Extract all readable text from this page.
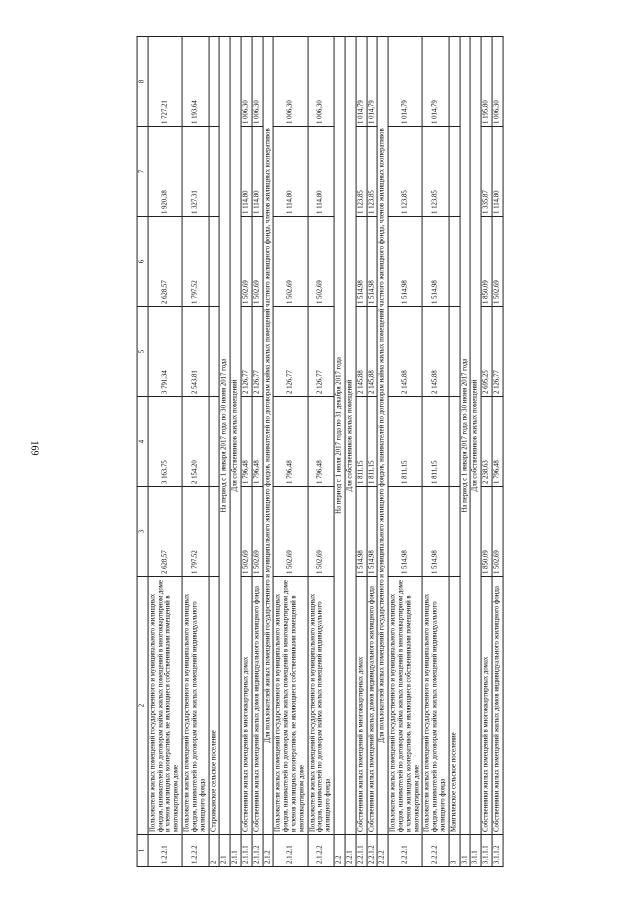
169
1	2	3	4	5	6	7	8
1.2.2.1	Пользователи жилых помещений государственного и муниципального жилищных фондов, нанимателей по договорам найма жилых помещений в многоквартирном доме и членов жилищных кооперативов, не являющиеся собственниками помещений в многоквартирном доме	2 628,57	3 163,75	3 791,34	2 628,57	1 920,38	1 727,21
1.2.2.2	Пользователи жилых помещений государственного и муниципального жилищных фондов, нанимателей по договорам найма жилых помещений индивидуального жилищного фонда	1 797,52	2 154,20	2 543,81	1 797,52	1 327,31	1 193,64
2	Староиканское сельское поселение						
2.1	На период с 1 января 2017 года по 30 июня 2017 года						
2.1.1	Для собственников жилых помещений						
2.1.1.1	Собственники жилых помещений в многоквартирных домах	1 502,69	1 796,48	2 126,77	1 502,69	1 114,80	1 006,30
2.1.1.2	Собственники жилых помещений жилых домов индивидуального жилищного фонда	1 502,69	1 796,48	2 126,77	1 502,69	1 114,80	1 006,30
2.1.2	Для пользователей жилых помещений государственного и муниципального жилищного фондов, нанимателей по договорам найма жилых помещений частного жилищного фонда, членов жилищных кооперативов						
2.1.2.1	Пользователи жилых помещений государственного и муниципального жилищных фондов, нанимателей по договорам найма жилых помещений в многоквартирном доме и членов жилищных кооперативов, не являющиеся собственниками помещений в многоквартирном доме	1 502,69	1 796,48	2 126,77	1 502,69	1 114,80	1 006,30
2.1.2.2	Пользователи жилых помещений государственного и муниципального жилищных фондов, нанимателей по договорам найма жилых помещений индивидуального жилищного фонда	1 502,69	1 796,48	2 126,77	1 502,69	1 114,80	1 006,30
2.2	На период с 1 июля 2017 года по 31 декабря 2017 года						
2.2.1	Для собственников жилых помещений						
2.2.1.1	Собственники жилых помещений в многоквартирных домах	1 514,98	1 811,15	2 145,88	1 514,98	1 123,85	1 014,79
2.2.1.2	Собственники жилых помещений жилых домов индивидуального жилищного фонда	1 514,98	1 811,15	2 145,88	1 514,98	1 123,85	1 014,79
2.2.2	Для пользователей жилых помещений государственного и муниципального жилищного фондов, нанимателей по договорам найма жилых помещений частного жилищного фонда, членов жилищных кооперативов						
2.2.2.1	Пользователи жилых помещений государственного и муниципального жилищных фондов, нанимателей по договорам найма жилых помещений в многоквартирном доме и членов жилищных кооперативов, не являющиеся собственниками помещений в многоквартирном доме	1 514,98	1 811,15	2 145,88	1 514,98	1 123,85	1 014,79
2.2.2.2	Пользователи жилых помещений государственного и муниципального жилищных фондов, нанимателей по договорам найма жилых помещений индивидуального жилищного фонда	1 514,98	1 811,15	2 145,88	1 514,98	1 123,85	1 014,79
3	Мангилевское сельское поселение						
3.1	На период с 1 января 2017 года по 30 июня 2017 года						
3.1.1	Для собственников жилых помещений						
3.1.1.1	Собственники жилых помещений в многоквартирных домах	1 850,09	2 238,63	2 695,25	1 850,09	1 335,87	1 195,80
3.1.1.2	Собственники жилых помещений жилых домов индивидуального жилищного фонда	1 502,69	1 796,48	2 126,77	1 502,69	1 114,80	1 006,30
